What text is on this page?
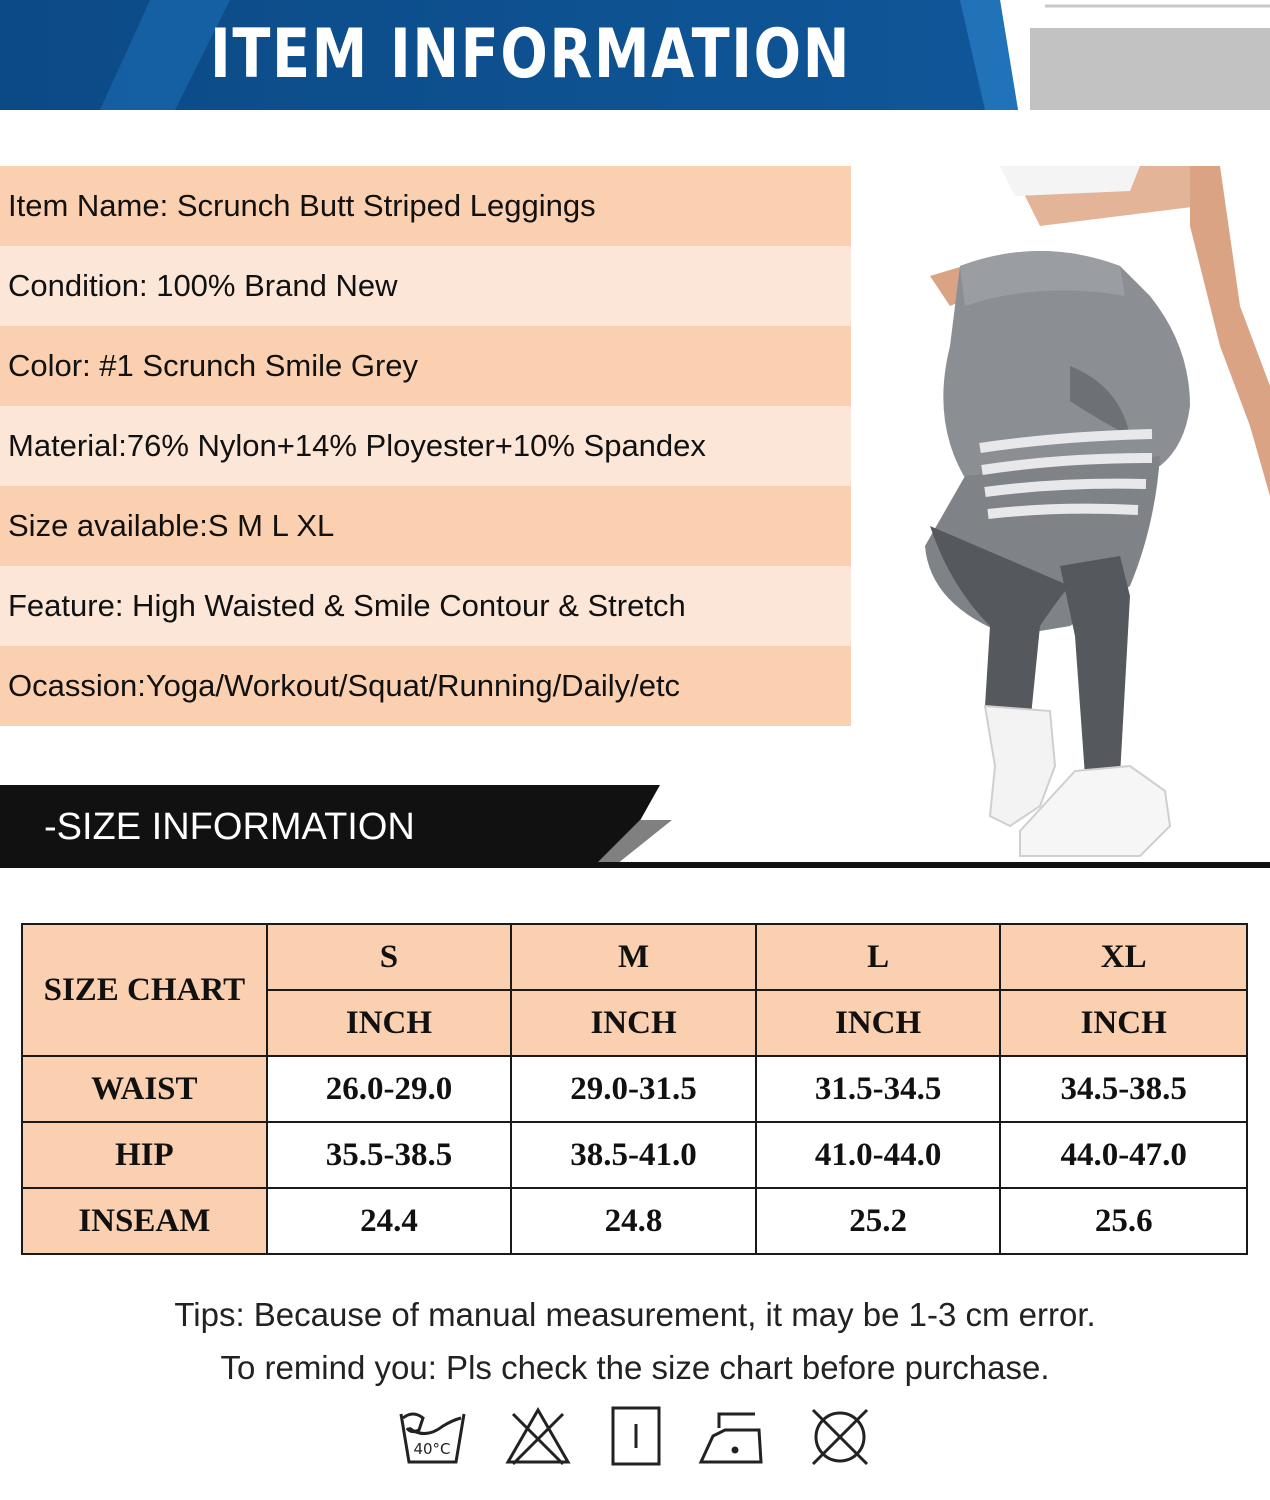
ITEM INFORMATION
Item Name: Scrunch Butt Striped Leggings
Condition: 100% Brand New
Color: #1 Scrunch Smile Grey
Material:76% Nylon+14% Ployester+10% Spandex
Size available:S M L XL
Feature: High Waisted & Smile Contour & Stretch
Ocassion:Yoga/Workout/Squat/Running/Daily/etc
-SIZE INFORMATION
SIZE CHART	S	M	L	XL
	INCH	INCH	INCH	INCH
WAIST	26.0-29.0	29.0-31.5	31.5-34.5	34.5-38.5
HIP	35.5-38.5	38.5-41.0	41.0-44.0	44.0-47.0
INSEAM	24.4	24.8	25.2	25.6
Tips: Because of manual measurement, it may be 1-3 cm error.
To remind you: Pls check the size chart before purchase.
40°C
